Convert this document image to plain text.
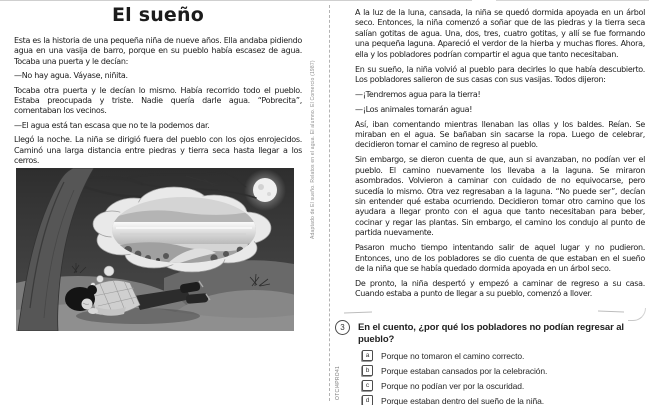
El sueño

Esta es la historia de una pequeña niña de nueve años. Ella andaba pidiendo agua en una vasija de barro, porque en su pueblo había escasez de agua. Tocaba una puerta y le decían:

—No hay agua. Váyase, niñita.

Tocaba otra puerta y le decían lo mismo. Había recorrido todo el pueblo. Estaba preocupada y triste. Nadie quería darle agua. “Pobrecita”, comentaban los vecinos.

—El agua está tan escasa que no te la podemos dar.

Llegó la noche. La niña se dirigió fuera del pueblo con los ojos enrojecidos. Caminó una larga distancia entre piedras y tierra seca hasta llegar a los cerros.	Adaptado de El sueño. Relatos en el agua. El alumno. El Comercio (1987)

A la luz de la luna, cansada, la niña se quedó dormida apoyada en un árbol seco. Entonces, la niña comenzó a soñar que de las piedras y la tierra seca salían gotitas de agua. Una, dos, tres, cuatro gotitas, y allí se fue formando una pequeña laguna. Apareció el verdor de la hierba y muchas flores. Ahora, ella y los pobladores podrían compartir el agua que tanto necesitaban.

En su sueño, la niña volvió al pueblo para decirles lo que había descubierto. Los pobladores salieron de sus casas con sus vasijas. Todos dijeron:

—¡Tendremos agua para la tierra!

—¡Los animales tomarán agua!

Así, iban comentando mientras llenaban las ollas y los baldes. Reían. Se miraban en el agua. Se bañaban sin sacarse la ropa. Luego de celebrar, decidieron tomar el camino de regreso al pueblo.

Sin embargo, se dieron cuenta de que, aun si avanzaban, no podían ver el pueblo. El camino nuevamente los llevaba a la laguna. Se miraron asombrados. Volvieron a caminar con cuidado de no equivocarse, pero sucedía lo mismo. Otra vez regresaban a la laguna. “No puede ser”, decían sin entender qué estaba ocurriendo. Decidieron tomar otro camino que los ayudara a llegar pronto con el agua que tanto necesitaban para beber, cocinar y regar las plantas. Sin embargo, el camino los condujo al punto de partida nuevamente.

Pasaron mucho tiempo intentando salir de aquel lugar y no pudieron. Entonces, uno de los pobladores se dio cuenta de que estaban en el sueño de la niña que se había quedado dormida apoyada en un árbol seco.

De pronto, la niña despertó y empezó a caminar de regreso a su casa. Cuando estaba a punto de llegar a su pueblo, comenzó a llover.

3
OTCI4PRO41
En el cuento, ¿por qué los pobladores no podían regresar al pueblo?
a	Porque no tomaron el camino correcto.
b	Porque estaban cansados por la celebración.
c	Porque no podían ver por la oscuridad.
d	Porque estaban dentro del sueño de la niña.
